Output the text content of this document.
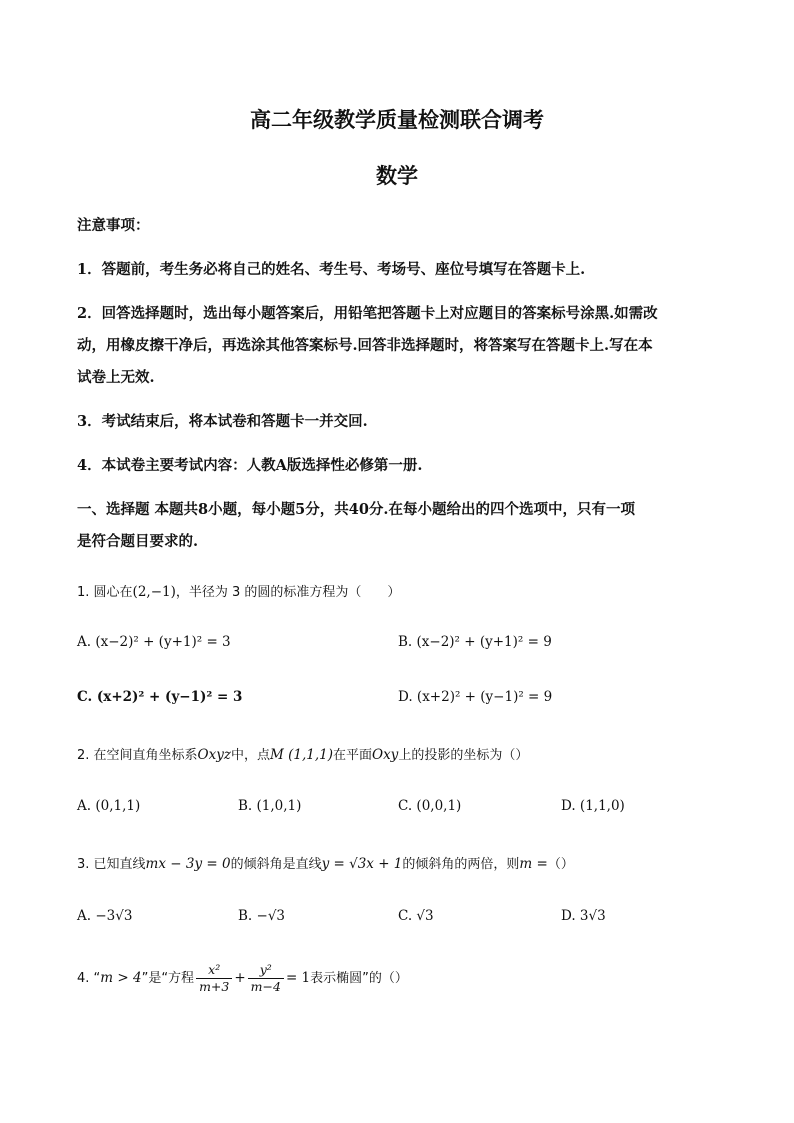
高二年级教学质量检测联合调考
数学
注意事项：
1．答题前，考生务必将自己的姓名、考生号、考场号、座位号填写在答题卡上.
2．回答选择题时，选出每小题答案后，用铅笔把答题卡上对应题目的答案标号涂黑.如需改
动，用橡皮擦干净后，再选涂其他答案标号.回答非选择题时，将答案写在答题卡上.写在本
试卷上无效.
3．考试结束后，将本试卷和答题卡一并交回.
4．本试卷主要考试内容：人教A版选择性必修第一册.
一、选择题 本题共8小题，每小题5分，共40分.在每小题给出的四个选项中，只有一项
是符合题目要求的.
1. 圆心在(2,−1)，半径为 3 的圆的标准方程为（　　）
A. (x−2)² + (y+1)² = 3	B. (x−2)² + (y+1)² = 9
C. (x+2)² + (y−1)² = 3	D. (x+2)² + (y−1)² = 9
2. 在空间直角坐标系Oxyz中，点M (1,1,1)在平面Oxy上的投影的坐标为（）
A. (0,1,1)	B. (1,0,1)	C. (0,0,1)	D. (1,1,0)
3. 已知直线mx − 3y = 0的倾斜角是直线y = √3x + 1的倾斜角的两倍，则m =（）
A. −3√3	B. −√3	C. √3	D. 3√3
4. “m > 4”是“方程 $\frac{\text{x²}}{m+3} + \frac{\text{y²}}{m-4} = 1$表示椭圆”的（）
